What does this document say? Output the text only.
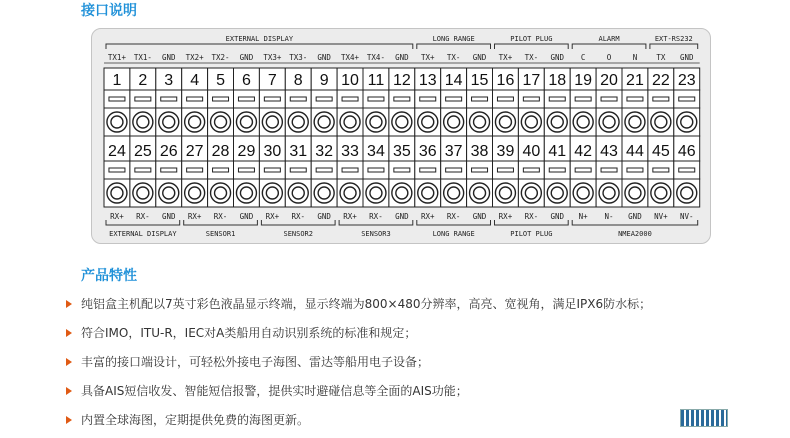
接口说明
EXTERNAL DISPLAY	LONG RANGE	PILOT PLUG	ALARM	EXT-RS232
TX1+ TX1- GND TX2+ TX2- GND TX3+ TX3- GND TX4+ TX4- GND TX+ TX- GND TX+ TX- GND C	O	N	TX GND
1 2 3 4 5 6 7 8 9 10 11 12 13 14 15 16 17 18 19 20 21 22 23
24 25 26 27 28 29 30 31 32 33 34 35 36 37 38 39 40 41 42 43 44 45 46
RX+ RX- GND RX+ RX- GND RX+ RX- GND RX+ RX- GND RX+ RX- GND RX+ RX- GND N+ N- GND NV+ NV-
EXTERNAL DISPLAY	SENSOR1	SENSOR2	SENSOR3	LONG RANGE	PILOT PLUG	NMEA2000
产品特性
纯铝盒主机配以7英寸彩色液晶显示终端，显示终端为800×480分辨率，高亮、宽视角，满足IPX6防水标；
符合IMO，ITU-R，IEC对A类船用自动识别系统的标准和规定；
丰富的接口端设计，可轻松外接电子海图、雷达等船用电子设备；
具备AIS短信收发、智能短信报警，提供实时避碰信息等全面的AIS功能；
内置全球海图，定期提供免费的海图更新。
